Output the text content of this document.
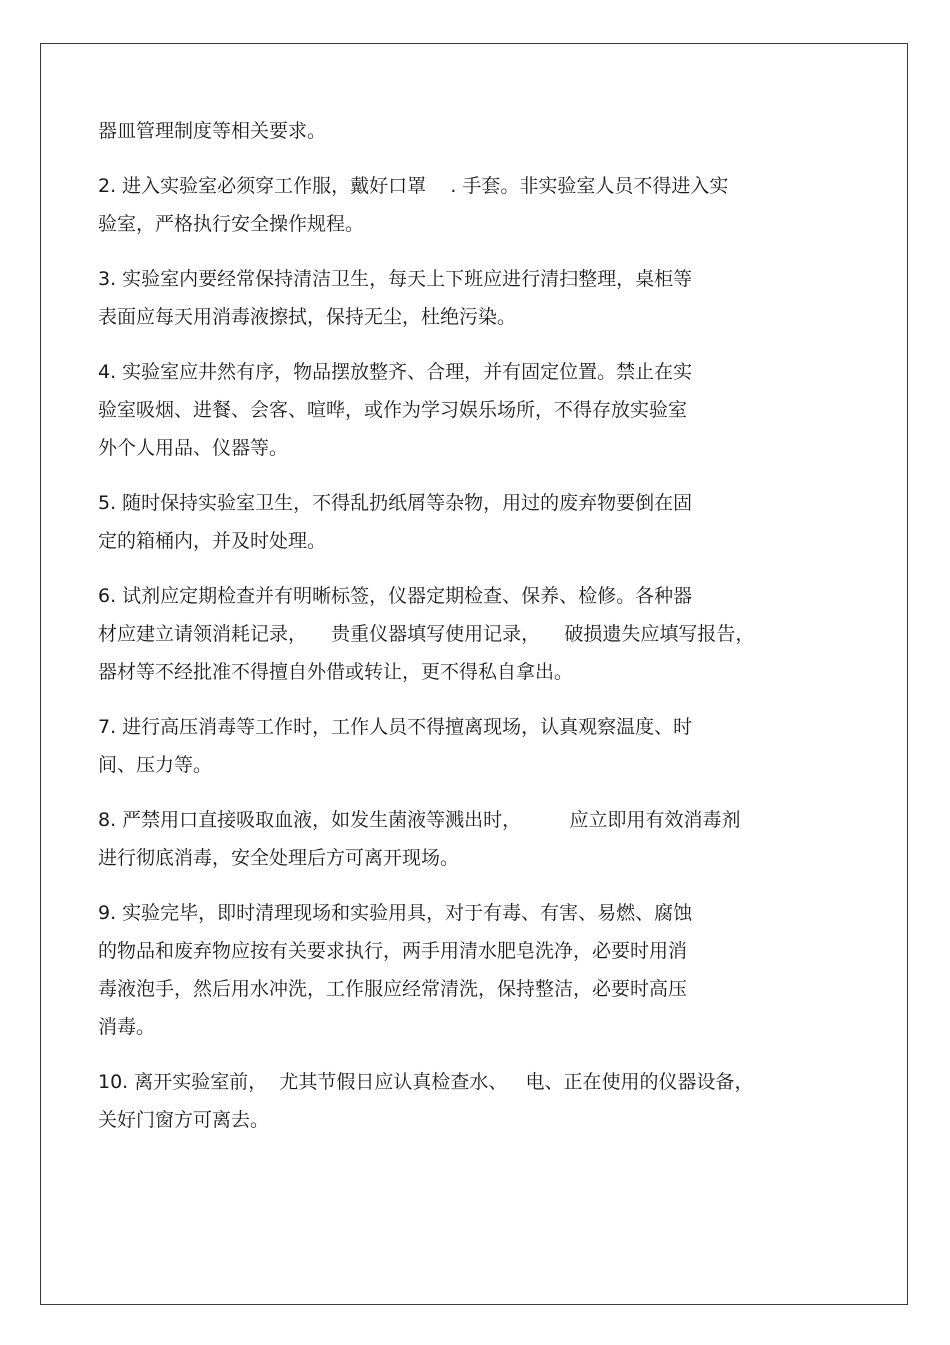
器皿管理制度等相关要求。
2. 进入实验室必须穿工作服，戴好口罩    . 手套。非实验室人员不得进入实
验室，严格执行安全操作规程。
3. 实验室内要经常保持清洁卫生，每天上下班应进行清扫整理，桌柜等
表面应每天用消毒液擦拭，保持无尘，杜绝污染。
4. 实验室应井然有序，物品摆放整齐、合理，并有固定位置。禁止在实
验室吸烟、进餐、会客、喧哗，或作为学习娱乐场所，不得存放实验室
外个人用品、仪器等。
5. 随时保持实验室卫生，不得乱扔纸屑等杂物，用过的废弃物要倒在固
定的箱桶内，并及时处理。
6. 试剂应定期检查并有明晰标签，仪器定期检查、保养、检修。各种器
材应建立请领消耗记录，    贵重仪器填写使用记录，    破损遗失应填写报告，
器材等不经批准不得擅自外借或转让，更不得私自拿出。
7. 进行高压消毒等工作时，工作人员不得擅离现场，认真观察温度、时
间、压力等。
8. 严禁用口直接吸取血液，如发生菌液等溅出时，        应立即用有效消毒剂
进行彻底消毒，安全处理后方可离开现场。
9. 实验完毕，即时清理现场和实验用具，对于有毒、有害、易燃、腐蚀
的物品和废弃物应按有关要求执行，两手用清水肥皂洗净，必要时用消
毒液泡手，然后用水冲洗，工作服应经常清洗，保持整洁，必要时高压
消毒。
10. 离开实验室前，  尤其节假日应认真检查水、   电、正在使用的仪器设备，
关好门窗方可离去。
